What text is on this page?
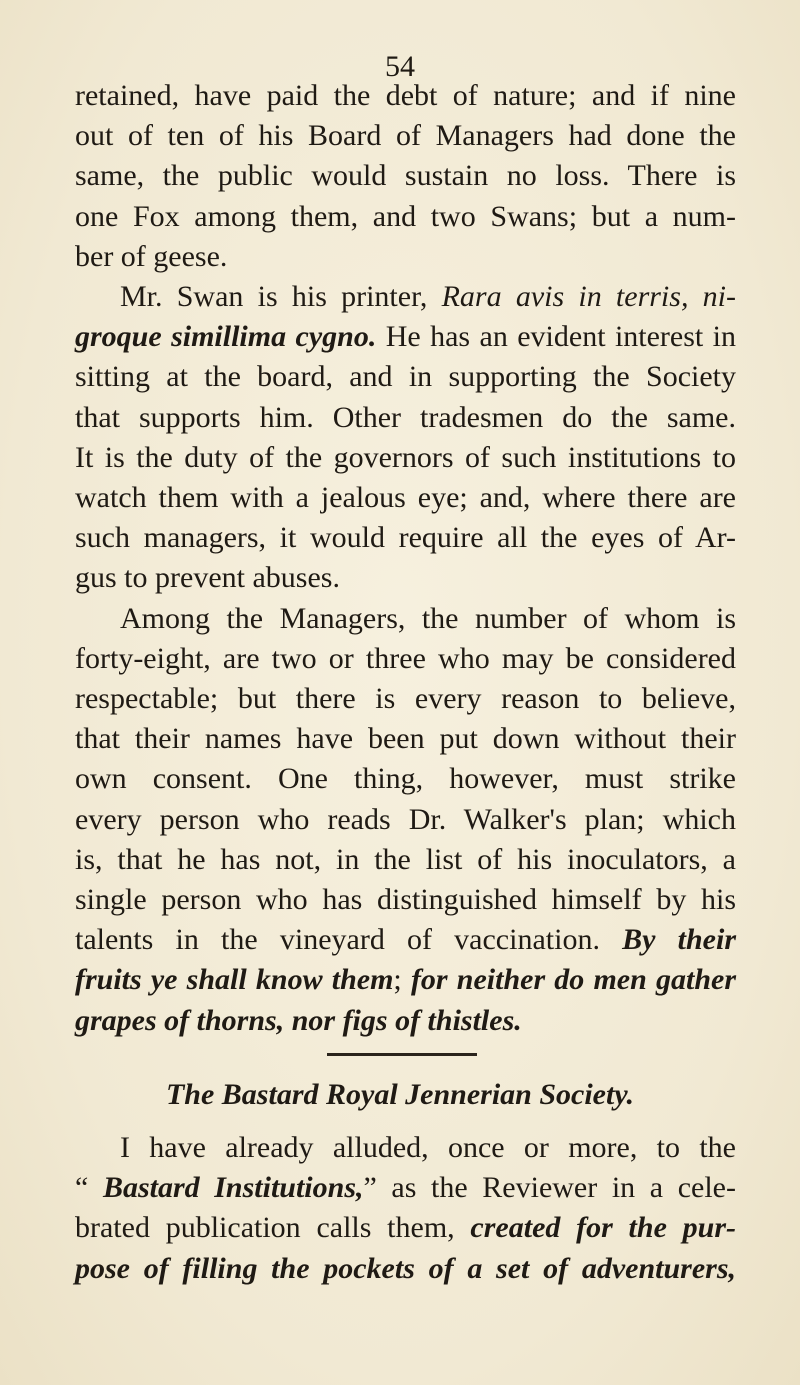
54
retained, have paid the debt of nature; and if nine
out of ten of his Board of Managers had done the
same, the public would sustain no loss. There is
one Fox among them, and two Swans; but a num-
ber of geese.
Mr. Swan is his printer, Rara avis in terris, ni-
groque simillima cygno. He has an evident interest in
sitting at the board, and in supporting the Society
that supports him. Other tradesmen do the same.
It is the duty of the governors of such institutions to
watch them with a jealous eye; and, where there are
such managers, it would require all the eyes of Ar-
gus to prevent abuses.
Among the Managers, the number of whom is
forty-eight, are two or three who may be considered
respectable; but there is every reason to believe,
that their names have been put down without their
own consent. One thing, however, must strike
every person who reads Dr. Walker's plan; which
is, that he has not, in the list of his inoculators, a
single person who has distinguished himself by his
talents in the vineyard of vaccination. By their
fruits ye shall know them; for neither do men gather
grapes of thorns, nor figs of thistles.
The Bastard Royal Jennerian Society.
I have already alluded, once or more, to the
“ Bastard Institutions,” as the Reviewer in a cele-
brated publication calls them, created for the pur-
pose of filling the pockets of a set of adventurers,
